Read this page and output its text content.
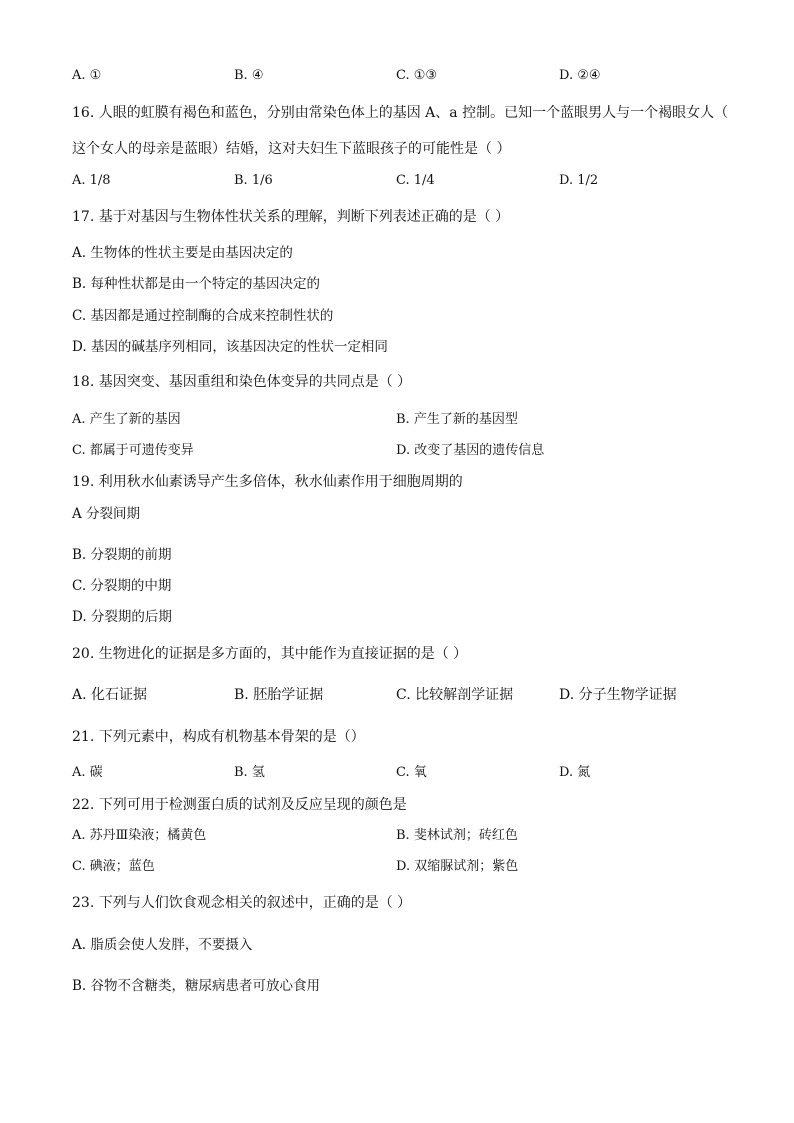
A. ①	B. ④	C. ①③	D. ②④
16. 人眼的虹膜有褐色和蓝色，分别由常染色体上的基因 A、a 控制。已知一个蓝眼男人与一个褐眼女人（
这个女人的母亲是蓝眼）结婚，这对夫妇生下蓝眼孩子的可能性是（ ）
A. 1/8	B. 1/6	C. 1/4	D. 1/2
17. 基于对基因与生物体性状关系的理解，判断下列表述正确的是（ ）
A. 生物体的性状主要是由基因决定的
B. 每种性状都是由一个特定的基因决定的
C. 基因都是通过控制酶的合成来控制性状的
D. 基因的碱基序列相同，该基因决定的性状一定相同
18. 基因突变、基因重组和染色体变异的共同点是（ ）
A. 产生了新的基因	B. 产生了新的基因型
C. 都属于可遗传变异	D. 改变了基因的遗传信息
19. 利用秋水仙素诱导产生多倍体，秋水仙素作用于细胞周期的
A 分裂间期
B. 分裂期的前期
C. 分裂期的中期
D. 分裂期的后期
20. 生物进化的证据是多方面的，其中能作为直接证据的是（ ）
A. 化石证据	B. 胚胎学证据	C. 比较解剖学证据	D. 分子生物学证据
21. 下列元素中，构成有机物基本骨架的是（）
A. 碳	B. 氢	C. 氧	D. 氮
22. 下列可用于检测蛋白质的试剂及反应呈现的颜色是
A. 苏丹Ⅲ染液；橘黄色	B. 斐林试剂；砖红色
C. 碘液；蓝色	D. 双缩脲试剂；紫色
23. 下列与人们饮食观念相关的叙述中，正确的是（ ）
A. 脂质会使人发胖，不要摄入
B. 谷物不含糖类，糖尿病患者可放心食用
